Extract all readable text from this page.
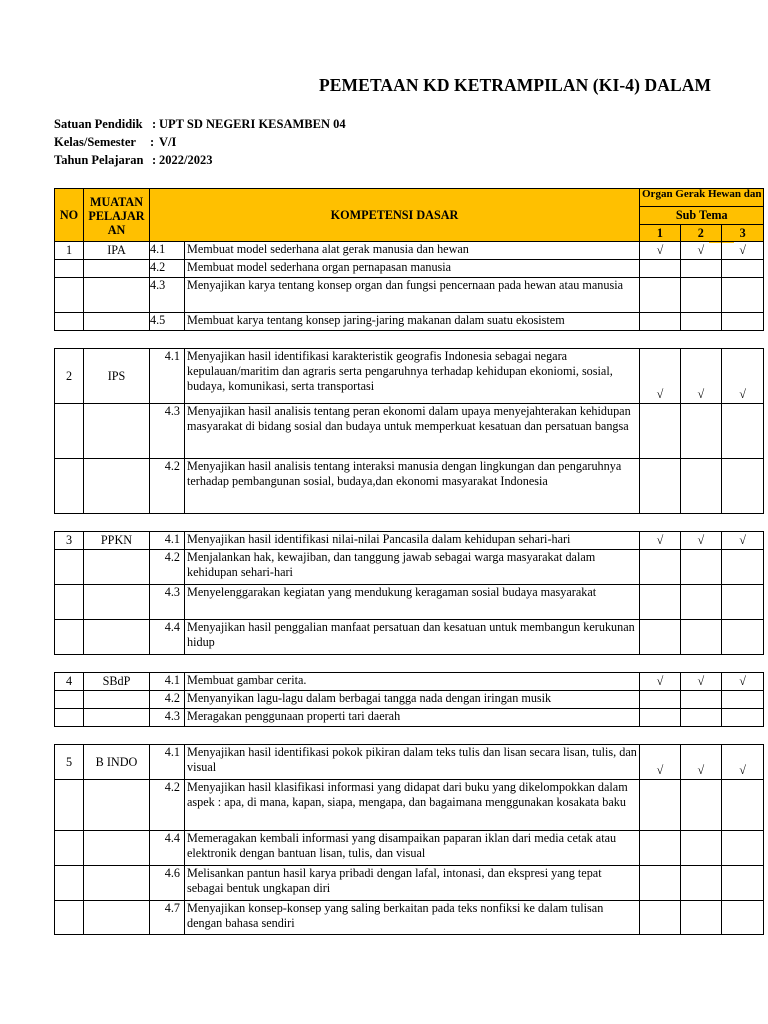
PEMETAAN KD KETRAMPILAN (KI-4) DALAM
Satuan Pendidik : UPT SD NEGERI KESAMBEN 04
Kelas/Semester : V/I
Tahun Pelajaran : 2022/2023
NO	MUATAN PELAJAR AN	KOMPETENSI DASAR		Organ Gerak Hewan dan		

				Sub Tema		
				1	2	3
1	IPA	4.1	Membuat model sederhana alat gerak manusia dan hewan	√	√	√
		4.2	Membuat model sederhana organ pernapasan manusia			
		4.3	Menyajikan karya tentang konsep organ dan fungsi pencernaan pada hewan atau manusia			
		4.5	Membuat karya tentang konsep jaring-jaring makanan dalam suatu ekosistem			

2	IPS	4.1	Menyajikan hasil identifikasi karakteristik geografis Indonesia sebagai negara kepulauan/maritim dan agraris serta pengaruhnya terhadap kehidupan ekoniomi, sosial, budaya, komunikasi, serta transportasi	√	√	√
		4.3	Menyajikan hasil analisis tentang peran ekonomi dalam upaya menyejahterakan kehidupan masyarakat di bidang sosial dan budaya untuk memperkuat kesatuan dan persatuan bangsa			
		4.2	Menyajikan hasil analisis tentang interaksi manusia dengan lingkungan dan pengaruhnya terhadap pembangunan sosial, budaya,dan ekonomi masyarakat Indonesia			

3	PPKN	4.1	Menyajikan hasil identifikasi nilai-nilai Pancasila dalam kehidupan sehari-hari	√	√	√
		4.2	Menjalankan hak, kewajiban, dan tanggung jawab sebagai warga masyarakat dalam kehidupan sehari-hari			
		4.3	Menyelenggarakan kegiatan yang mendukung keragaman sosial budaya masyarakat			
		4.4	Menyajikan hasil penggalian manfaat persatuan dan kesatuan untuk membangun kerukunan hidup			

4	SBdP	4.1	Membuat gambar cerita.	√	√	√
		4.2	Menyanyikan lagu-lagu dalam berbagai tangga nada dengan iringan musik			
		4.3	Meragakan penggunaan properti tari daerah			

5	B INDO	4.1	Menyajikan hasil identifikasi pokok pikiran dalam teks tulis dan lisan secara lisan, tulis, dan visual	√	√	√
		4.2	Menyajikan hasil klasifikasi informasi yang didapat dari buku yang dikelompokkan dalam aspek : apa, di mana, kapan, siapa, mengapa, dan bagaimana menggunakan kosakata baku			
		4.4	Memeragakan kembali informasi yang disampaikan paparan iklan dari media cetak atau elektronik dengan bantuan lisan, tulis, dan visual			
		4.6	Melisankan pantun hasil karya pribadi dengan lafal, intonasi, dan ekspresi yang tepat sebagai bentuk ungkapan diri			
		4.7	Menyajikan konsep-konsep yang saling berkaitan pada teks nonfiksi ke dalam tulisan dengan bahasa sendiri			
